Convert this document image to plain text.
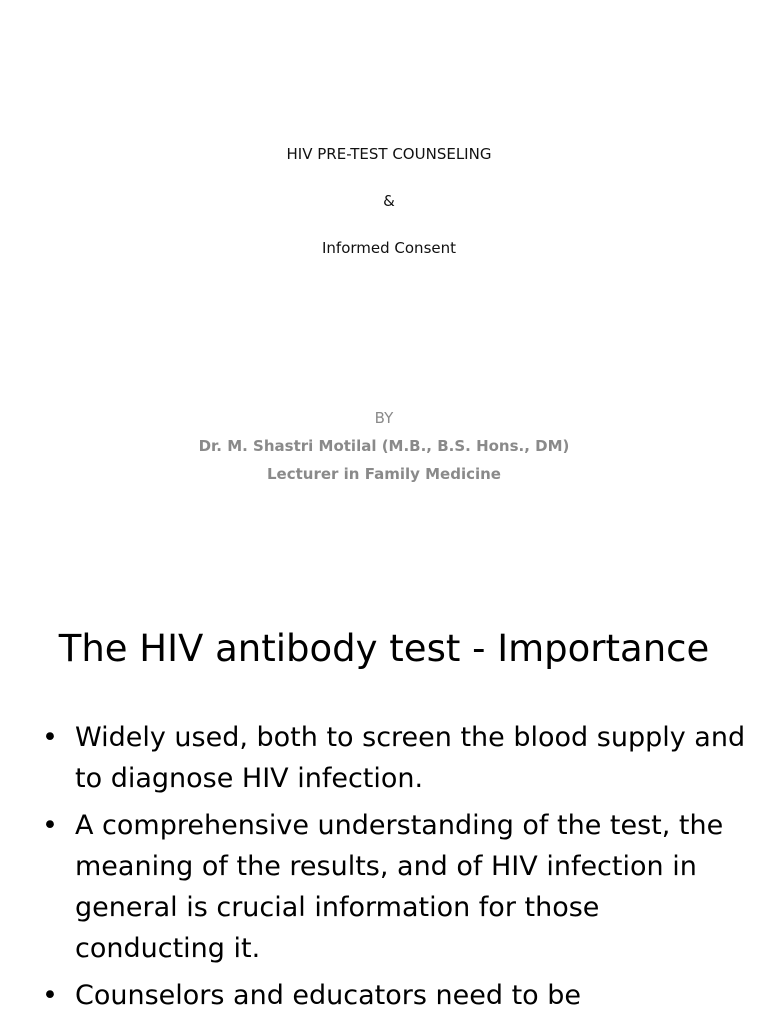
HIV PRE-TEST COUNSELING
&
Informed Consent
BY
Dr. M. Shastri Motilal (M.B., B.S. Hons., DM)
Lecturer in Family Medicine
The HIV antibody test - Importance
• Widely used, both to screen the blood supply and to diagnose HIV infection.
• A comprehensive understanding of the test, the meaning of the results, and of HIV infection in general is crucial information for those conducting it.
• Counselors and educators need to be
